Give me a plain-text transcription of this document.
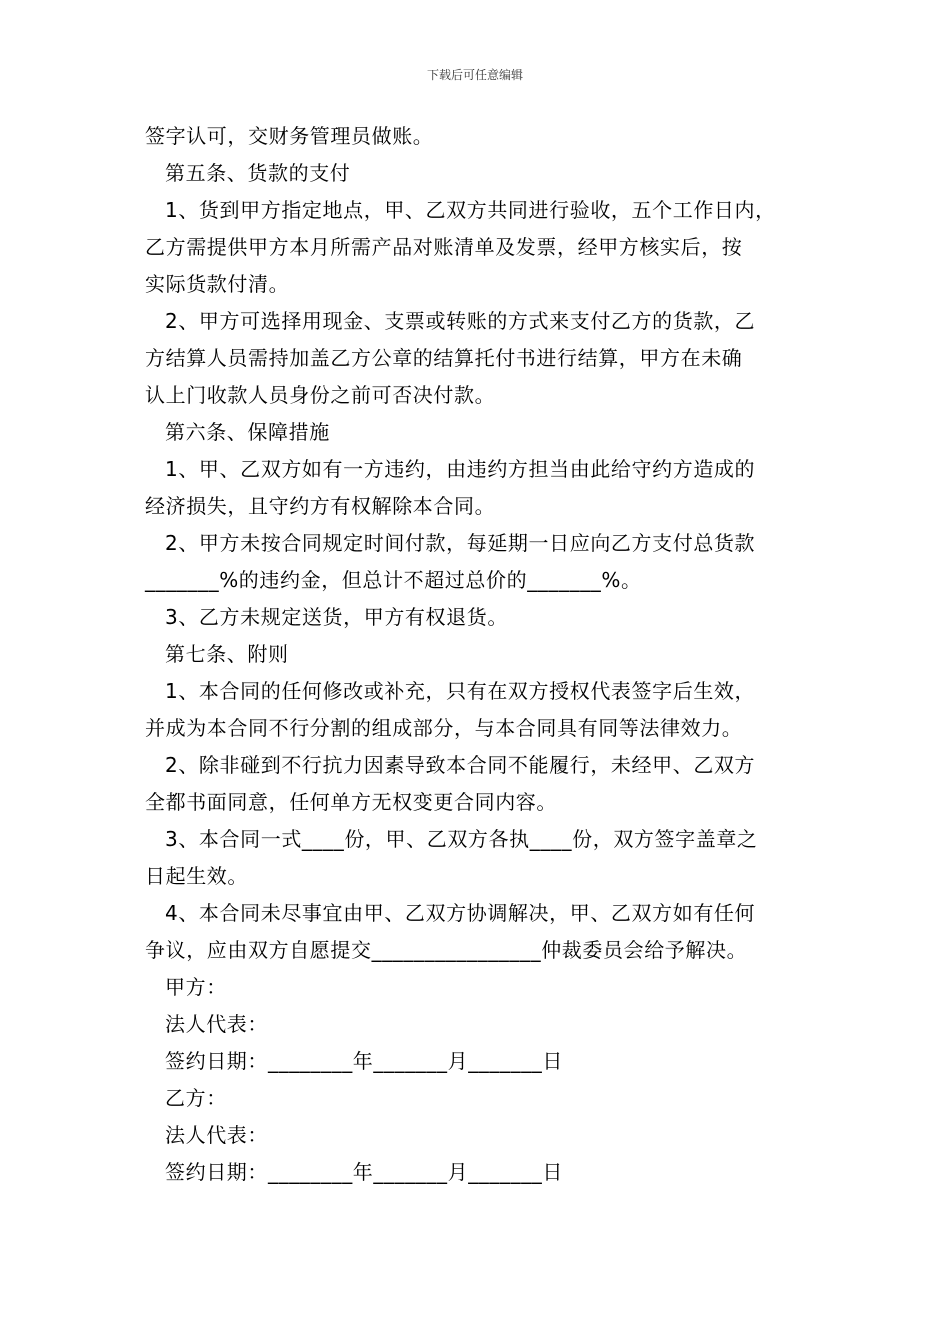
下载后可任意编辑
签字认可，交财务管理员做账。
第五条、货款的支付
1、货到甲方指定地点，甲、乙双方共同进行验收，五个工作日内，
乙方需提供甲方本月所需产品对账清单及发票，经甲方核实后，按
实际货款付清。
2、甲方可选择用现金、支票或转账的方式来支付乙方的货款，乙
方结算人员需持加盖乙方公章的结算托付书进行结算，甲方在未确
认上门收款人员身份之前可否决付款。
第六条、保障措施
1、甲、乙双方如有一方违约，由违约方担当由此给守约方造成的
经济损失，且守约方有权解除本合同。
2、甲方未按合同规定时间付款，每延期一日应向乙方支付总货款
_______%的违约金，但总计不超过总价的_______%。
3、乙方未规定送货，甲方有权退货。
第七条、附则
1、本合同的任何修改或补充，只有在双方授权代表签字后生效，
并成为本合同不行分割的组成部分，与本合同具有同等法律效力。
2、除非碰到不行抗力因素导致本合同不能履行，未经甲、乙双方
全都书面同意，任何单方无权变更合同内容。
3、本合同一式____份，甲、乙双方各执____份，双方签字盖章之
日起生效。
4、本合同未尽事宜由甲、乙双方协调解决，甲、乙双方如有任何
争议，应由双方自愿提交________________仲裁委员会给予解决。
甲方：
法人代表：
签约日期：________年_______月_______日
乙方：
法人代表：
签约日期：________年_______月_______日
